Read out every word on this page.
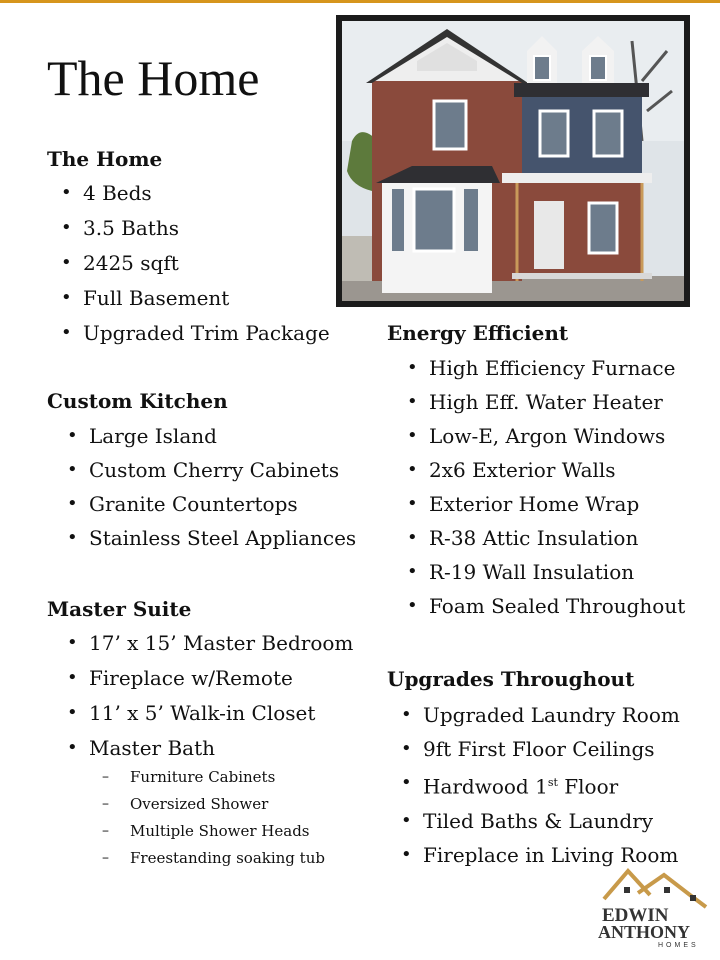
The Home

The Home

• 4 Beds
• 3.5 Baths
• 2425 sqft
• Full Basement
• Upgraded Trim Package

Custom Kitchen

• Large Island
• Custom Cherry Cabinets
• Granite Countertops
• Stainless Steel Appliances

Master Suite

• 17’ x 15’ Master Bedroom
• Fireplace w/Remote
• 11’ x 5’ Walk-in Closet
• Master Bath
– Furniture Cabinets
– Oversized Shower
– Multiple Shower Heads
– Freestanding soaking tub

Energy Efficient

• High Efficiency Furnace
• High Eff. Water Heater
• Low-E, Argon Windows
• 2x6 Exterior Walls
• Exterior Home Wrap
• R-38 Attic Insulation
• R-19 Wall Insulation
• Foam Sealed Throughout

Upgrades Throughout

• Upgraded Laundry Room
• 9ft First Floor Ceilings
• Hardwood 1st Floor
• Tiled Baths & Laundry
• Fireplace in Living Room
EDWIN
ANTHONY
HOMES
